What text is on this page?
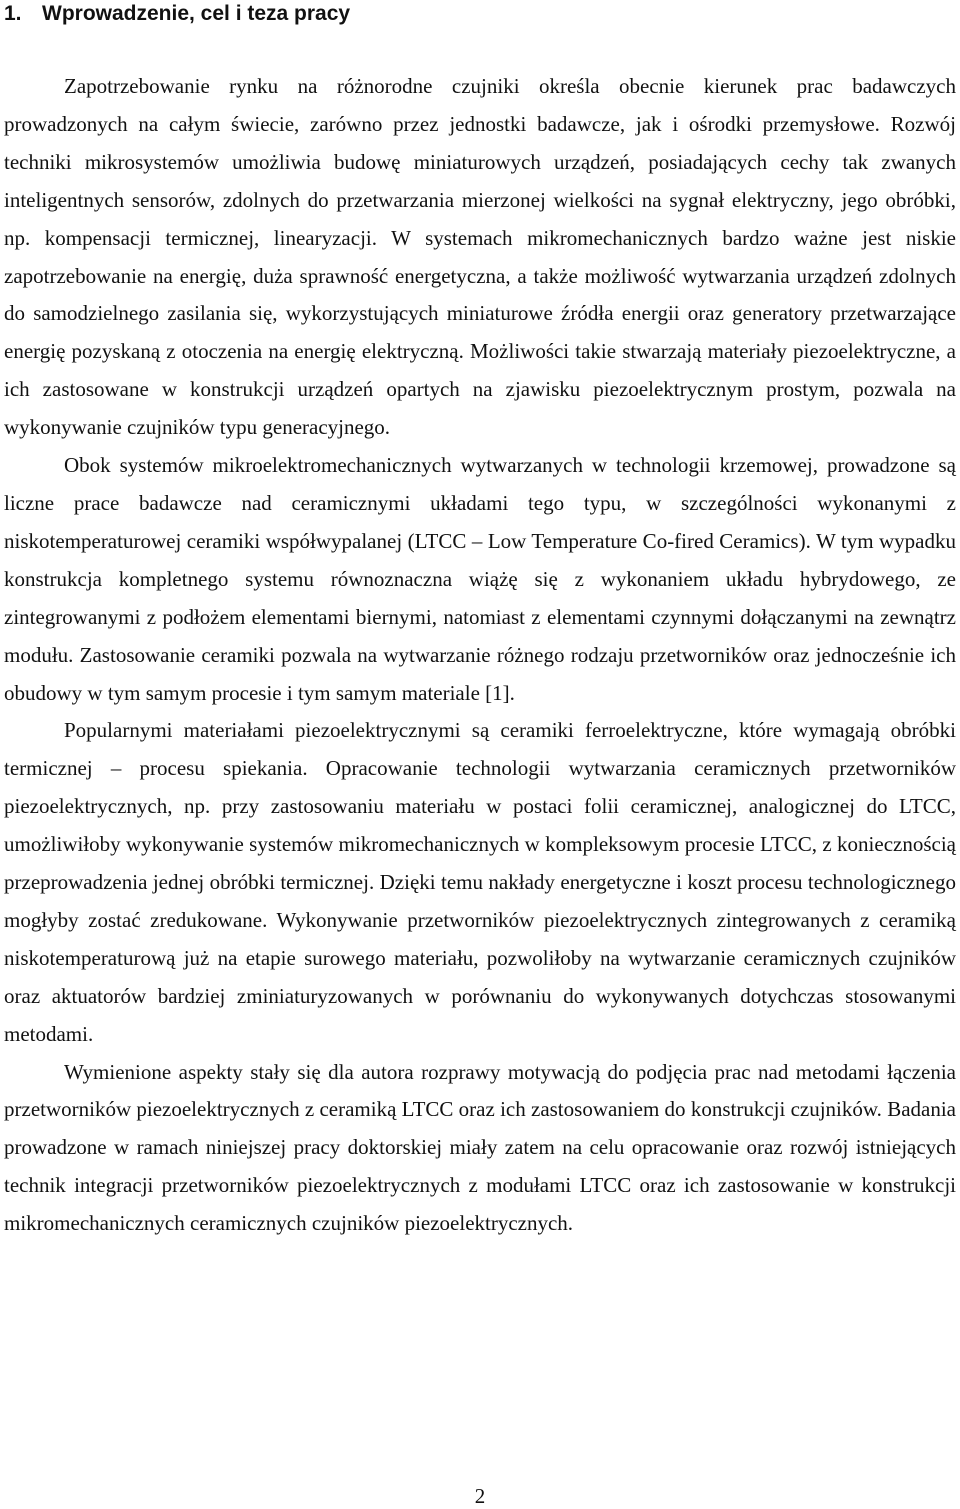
1. Wprowadzenie, cel i teza pracy

Zapotrzebowanie rynku na różnorodne czujniki określa obecnie kierunek prac badawczych prowadzonych na całym świecie, zarówno przez jednostki badawcze, jak i ośrodki przemysłowe. Rozwój techniki mikrosystemów umożliwia budowę miniaturowych urządzeń, posiadających cechy tak zwanych inteligentnych sensorów, zdolnych do przetwarzania mierzonej wielkości na sygnał elektryczny, jego obróbki, np. kompensacji termicznej, linearyzacji. W systemach mikromechanicznych bardzo ważne jest niskie zapotrzebowanie na energię, duża sprawność energetyczna, a także możliwość wytwarzania urządzeń zdolnych do samodzielnego zasilania się, wykorzystujących miniaturowe źródła energii oraz generatory przetwarzające energię pozyskaną z otoczenia na energię elektryczną. Możliwości takie stwarzają materiały piezoelektryczne, a ich zastosowane w konstrukcji urządzeń opartych na zjawisku piezoelektrycznym prostym, pozwala na wykonywanie czujników typu generacyjnego.

Obok systemów mikroelektromechanicznych wytwarzanych w technologii krzemowej, prowadzone są liczne prace badawcze nad ceramicznymi układami tego typu, w szczególności wykonanymi z niskotemperaturowej ceramiki współwypalanej (LTCC – Low Temperature Co-fired Ceramics). W tym wypadku konstrukcja kompletnego systemu równoznaczna wiążę się z wykonaniem układu hybrydowego, ze zintegrowanymi z podłożem elementami biernymi, natomiast z elementami czynnymi dołączanymi na zewnątrz modułu. Zastosowanie ceramiki pozwala na wytwarzanie różnego rodzaju przetworników oraz jednocześnie ich obudowy w tym samym procesie i tym samym materiale [1].

Popularnymi materiałami piezoelektrycznymi są ceramiki ferroelektryczne, które wymagają obróbki termicznej – procesu spiekania. Opracowanie technologii wytwarzania ceramicznych przetworników piezoelektrycznych, np. przy zastosowaniu materiału w postaci folii ceramicznej, analogicznej do LTCC, umożliwiłoby wykonywanie systemów mikromechanicznych w kompleksowym procesie LTCC, z koniecznością przeprowadzenia jednej obróbki termicznej. Dzięki temu nakłady energetyczne i koszt procesu technologicznego mogłyby zostać zredukowane. Wykonywanie przetworników piezoelektrycznych zintegrowanych z ceramiką niskotemperaturową już na etapie surowego materiału, pozwoliłoby na wytwarzanie ceramicznych czujników oraz aktuatorów bardziej zminiaturyzowanych w porównaniu do wykonywanych dotychczas stosowanymi metodami.

Wymienione aspekty stały się dla autora rozprawy motywacją do podjęcia prac nad metodami łączenia przetworników piezoelektrycznych z ceramiką LTCC oraz ich zastosowaniem do konstrukcji czujników. Badania prowadzone w ramach niniejszej pracy doktorskiej miały zatem na celu opracowanie oraz rozwój istniejących technik integracji przetworników piezoelektrycznych z modułami LTCC oraz ich zastosowanie w konstrukcji mikromechanicznych ceramicznych czujników piezoelektrycznych.

2
